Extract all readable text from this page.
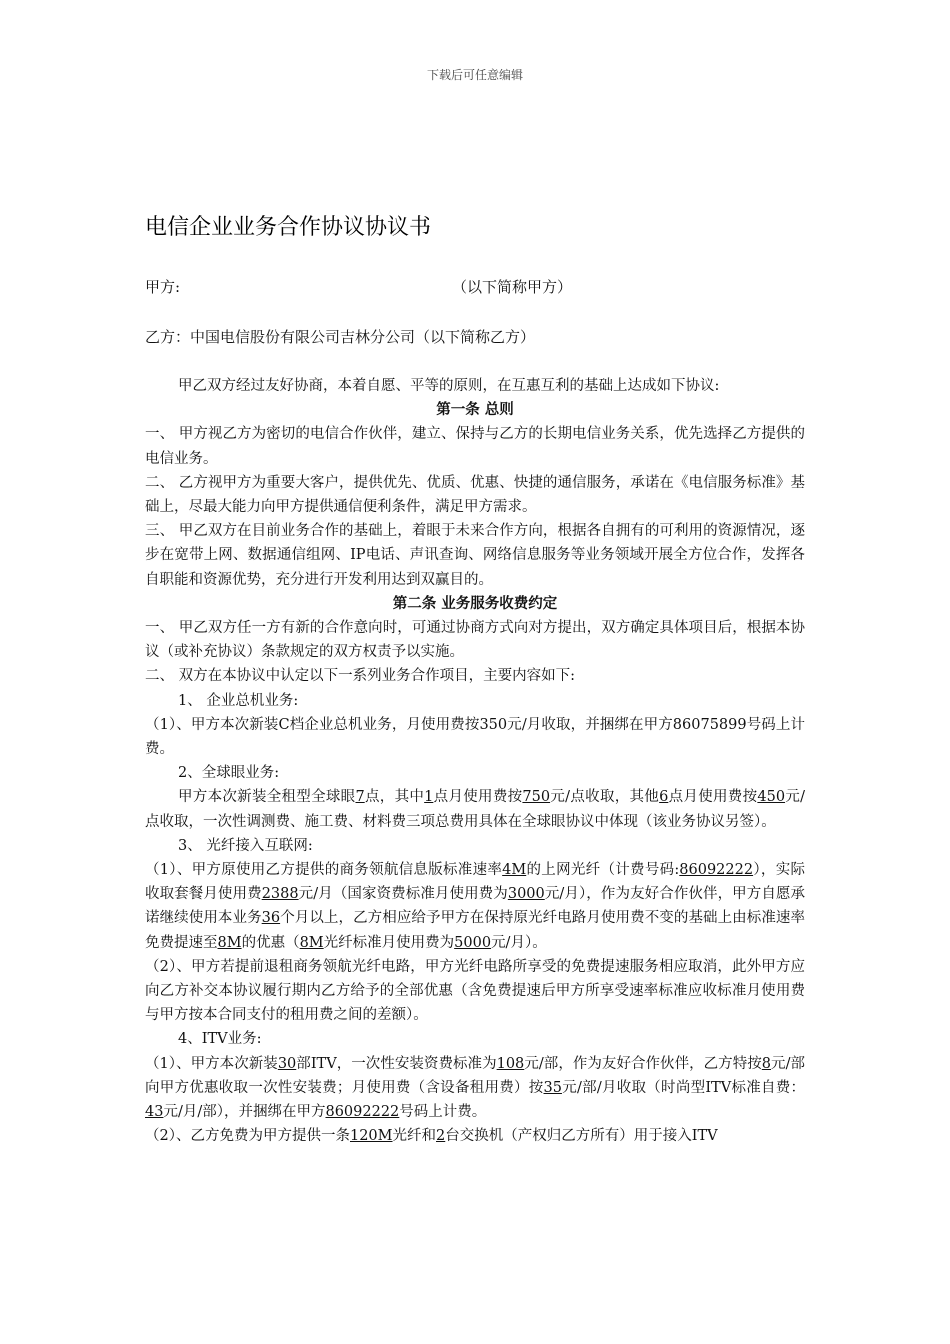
下载后可任意编辑
电信企业业务合作协议协议书
甲方:	（以下简称甲方）
乙方：中国电信股份有限公司吉林分公司（以下简称乙方）

甲乙双方经过友好协商，本着自愿、平等的原则，在互惠互利的基础上达成如下协议:

第一条 总则

一、 甲方视乙方为密切的电信合作伙伴，建立、保持与乙方的长期电信业务关系，优先选择乙方提供的电信业务。

二、 乙方视甲方为重要大客户，提供优先、优质、优惠、快捷的通信服务，承诺在《电信服务标准》基础上，尽最大能力向甲方提供通信便利条件，满足甲方需求。

三、 甲乙双方在目前业务合作的基础上，着眼于未来合作方向，根据各自拥有的可利用的资源情况，逐步在宽带上网、数据通信组网、IP电话、声讯查询、网络信息服务等业务领域开展全方位合作，发挥各自职能和资源优势，充分进行开发利用达到双赢目的。

第二条 业务服务收费约定

一、 甲乙双方任一方有新的合作意向时，可通过协商方式向对方提出，双方确定具体项目后，根据本协议（或补充协议）条款规定的双方权责予以实施。

二、 双方在本协议中认定以下一系列业务合作项目，主要内容如下:

1、 企业总机业务:

（1）、甲方本次新装C档企业总机业务，月使用费按350元/月收取，并捆绑在甲方86075899号码上计费。

2、全球眼业务:

甲方本次新装全租型全球眼7点，其中1点月使用费按750元/点收取，其他6点月使用费按450元/点收取，一次性调测费、施工费、材料费三项总费用具体在全球眼协议中体现（该业务协议另签）。

3、 光纤接入互联网:

（1）、甲方原使用乙方提供的商务领航信息版标准速率4M的上网光纤（计费号码:86092222），实际收取套餐月使用费2388元/月（国家资费标准月使用费为3000元/月），作为友好合作伙伴，甲方自愿承诺继续使用本业务36个月以上，乙方相应给予甲方在保持原光纤电路月使用费不变的基础上由标准速率免费提速至8M的优惠（8M光纤标准月使用费为5000元/月）。

（2）、甲方若提前退租商务领航光纤电路，甲方光纤电路所享受的免费提速服务相应取消，此外甲方应向乙方补交本协议履行期内乙方给予的全部优惠（含免费提速后甲方所享受速率标准应收标准月使用费与甲方按本合同支付的租用费之间的差额）。

4、ITV业务:

（1）、甲方本次新装30部ITV，一次性安装资费标准为108元/部，作为友好合作伙伴，乙方特按8元/部向甲方优惠收取一次性安装费；月使用费（含设备租用费）按35元/部/月收取（时尚型ITV标准自费：43元/月/部），并捆绑在甲方86092222号码上计费。

（2）、乙方免费为甲方提供一条120M光纤和2台交换机（产权归乙方所有）用于接入ITV
